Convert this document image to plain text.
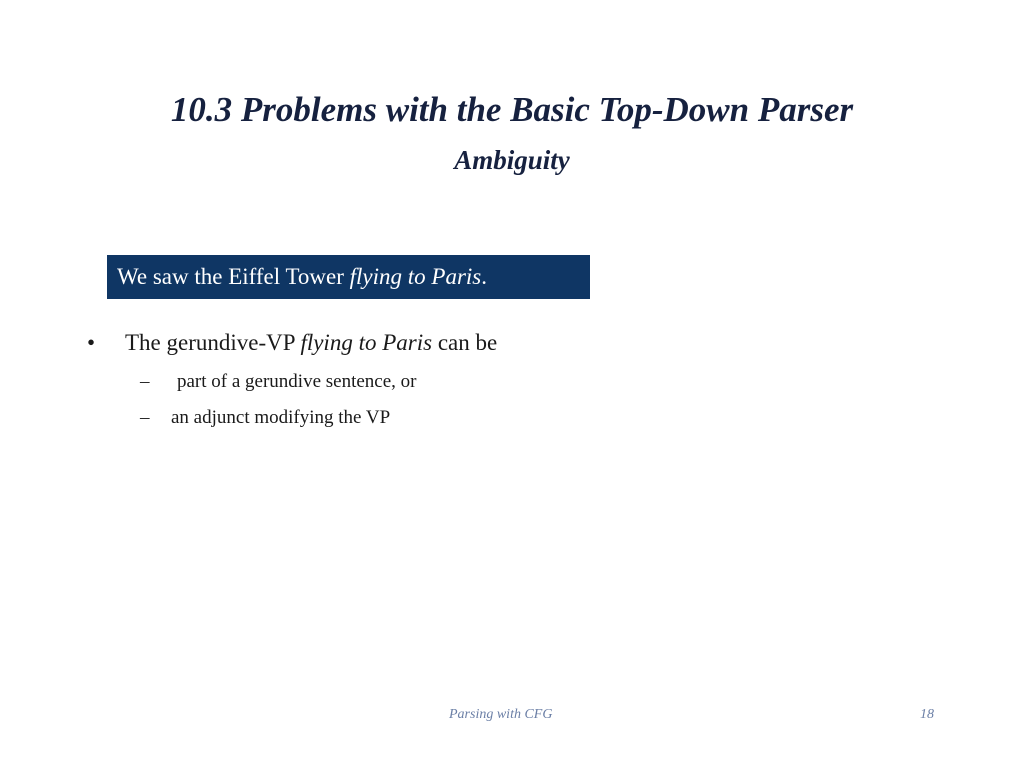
10.3 Problems with the Basic Top-Down Parser
Ambiguity
We saw the Eiffel Tower flying to Paris.
• The gerundive-VP flying to Paris can be
– part of a gerundive sentence, or
– an adjunct modifying the VP
Parsing with CFG	18
